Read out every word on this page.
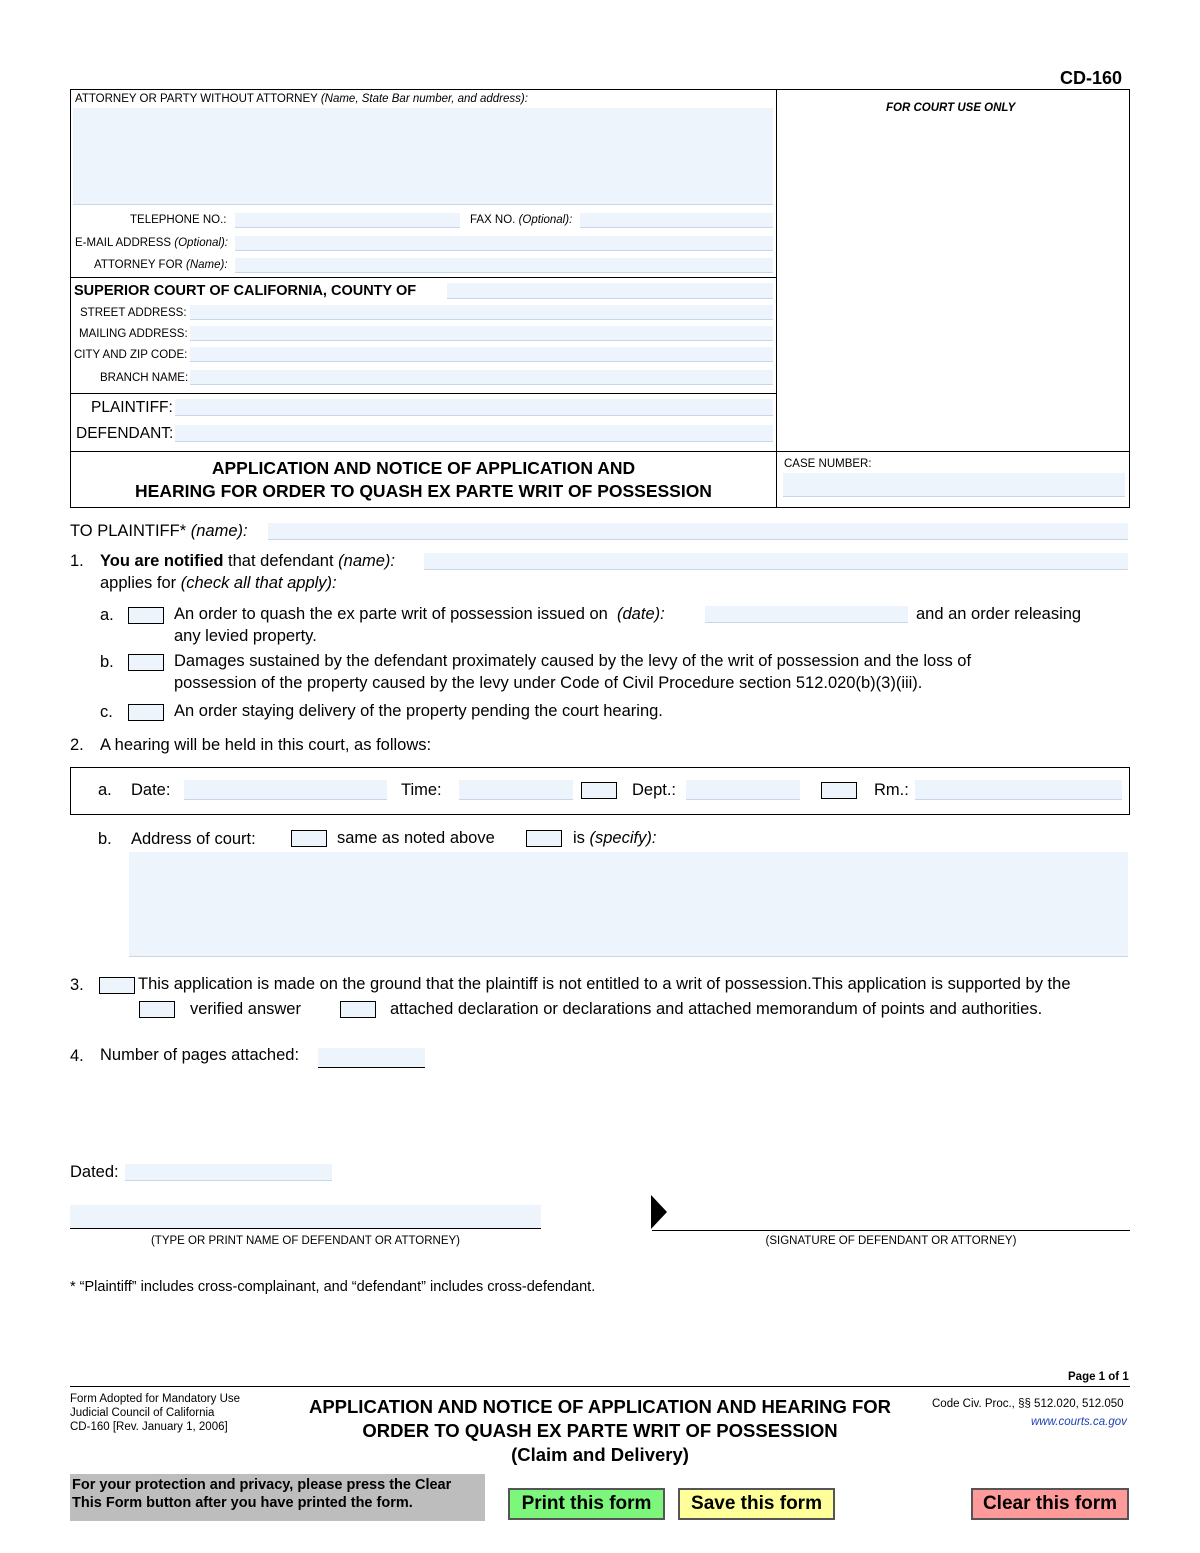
CD-160
ATTORNEY OR PARTY WITHOUT ATTORNEY (Name, State Bar number, and address):
FOR COURT USE ONLY
TELEPHONE NO.:	FAX NO. (Optional):
E-MAIL ADDRESS (Optional):
ATTORNEY FOR (Name):
SUPERIOR COURT OF CALIFORNIA, COUNTY OF
STREET ADDRESS:
MAILING ADDRESS:
CITY AND ZIP CODE:
BRANCH NAME:
PLAINTIFF:
DEFENDANT:
APPLICATION AND NOTICE OF APPLICATION AND
HEARING FOR ORDER TO QUASH EX PARTE WRIT OF POSSESSION
CASE NUMBER:
TO PLAINTIFF* (name):
1. You are notified that defendant (name):
applies for (check all that apply):
a.	An order to quash the ex parte writ of possession issued on (date):	and an order releasing
any levied property.
b.	Damages sustained by the defendant proximately caused by the levy of the writ of possession and the loss of
possession of the property caused by the levy under Code of Civil Procedure section 512.020(b)(3)(iii).
c.	An order staying delivery of the property pending the court hearing.
2. A hearing will be held in this court, as follows:
a. Date:	Time:	Dept.:	Rm.:
b. Address of court:	same as noted above	is (specify):
3.	This application is made on the ground that the plaintiff is not entitled to a writ of possession.This application is supported by the
verified answer	attached declaration or declarations and attached memorandum of points and authorities.
4. Number of pages attached:
Dated:
(TYPE OR PRINT NAME OF DEFENDANT OR ATTORNEY)	(SIGNATURE OF DEFENDANT OR ATTORNEY)
* “Plaintiff” includes cross-complainant, and “defendant” includes cross-defendant.
Page 1 of 1
Form Adopted for Mandatory Use
Judicial Council of California
CD-160 [Rev. January 1, 2006]
APPLICATION AND NOTICE OF APPLICATION AND HEARING FOR
ORDER TO QUASH EX PARTE WRIT OF POSSESSION
(Claim and Delivery)
Code Civ. Proc., §§ 512.020, 512.050
www.courts.ca.gov
For your protection and privacy, please press the Clear
This Form button after you have printed the form.	Print this form	Save this form	Clear this form
